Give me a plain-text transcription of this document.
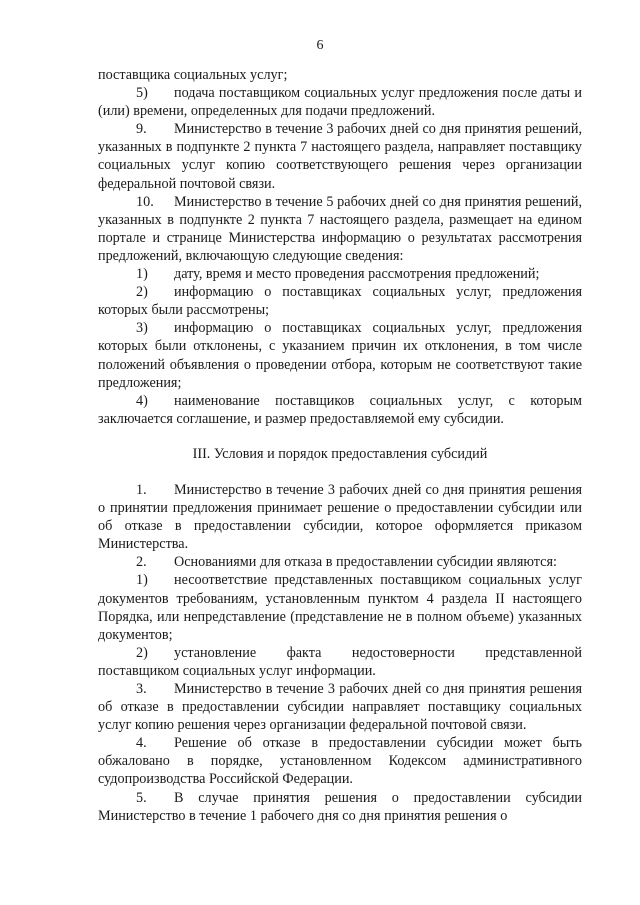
6

поставщика социальных услуг;

5) подача поставщиком социальных услуг предложения после даты и (или) времени, определенных для подачи предложений.

9. Министерство в течение 3 рабочих дней со дня принятия решений, указанных в подпункте 2 пункта 7 настоящего раздела, направляет поставщику социальных услуг копию соответствующего решения через организации федеральной почтовой связи.

10. Министерство в течение 5 рабочих дней со дня принятия решений, указанных в подпункте 2 пункта 7 настоящего раздела, размещает на едином портале и странице Министерства информацию о результатах рассмотрения предложений, включающую следующие сведения:

1) дату, время и место проведения рассмотрения предложений;

2) информацию о поставщиках социальных услуг, предложения которых были рассмотрены;

3) информацию о поставщиках социальных услуг, предложения которых были отклонены, с указанием причин их отклонения, в том числе положений объявления о проведении отбора, которым не соответствуют такие предложения;

4) наименование поставщиков социальных услуг, с которым заключается соглашение, и размер предоставляемой ему субсидии.

III. Условия и порядок предоставления субсидий

1. Министерство в течение 3 рабочих дней со дня принятия решения о принятии предложения принимает решение о предоставлении субсидии или об отказе в предоставлении субсидии, которое оформляется приказом Министерства.

2. Основаниями для отказа в предоставлении субсидии являются:

1) несоответствие представленных поставщиком социальных услуг документов требованиям, установленным пунктом 4 раздела II настоящего Порядка, или непредставление (представление не в полном объеме) указанных документов;

2) установление факта недостоверности представленной поставщиком социальных услуг информации.

3. Министерство в течение 3 рабочих дней со дня принятия решения об отказе в предоставлении субсидии направляет поставщику социальных услуг копию решения через организации федеральной почтовой связи.

4. Решение об отказе в предоставлении субсидии может быть обжаловано в порядке, установленном Кодексом административного судопроизводства Российской Федерации.

5. В случае принятия решения о предоставлении субсидии Министерство в течение 1 рабочего дня со дня принятия решения о
